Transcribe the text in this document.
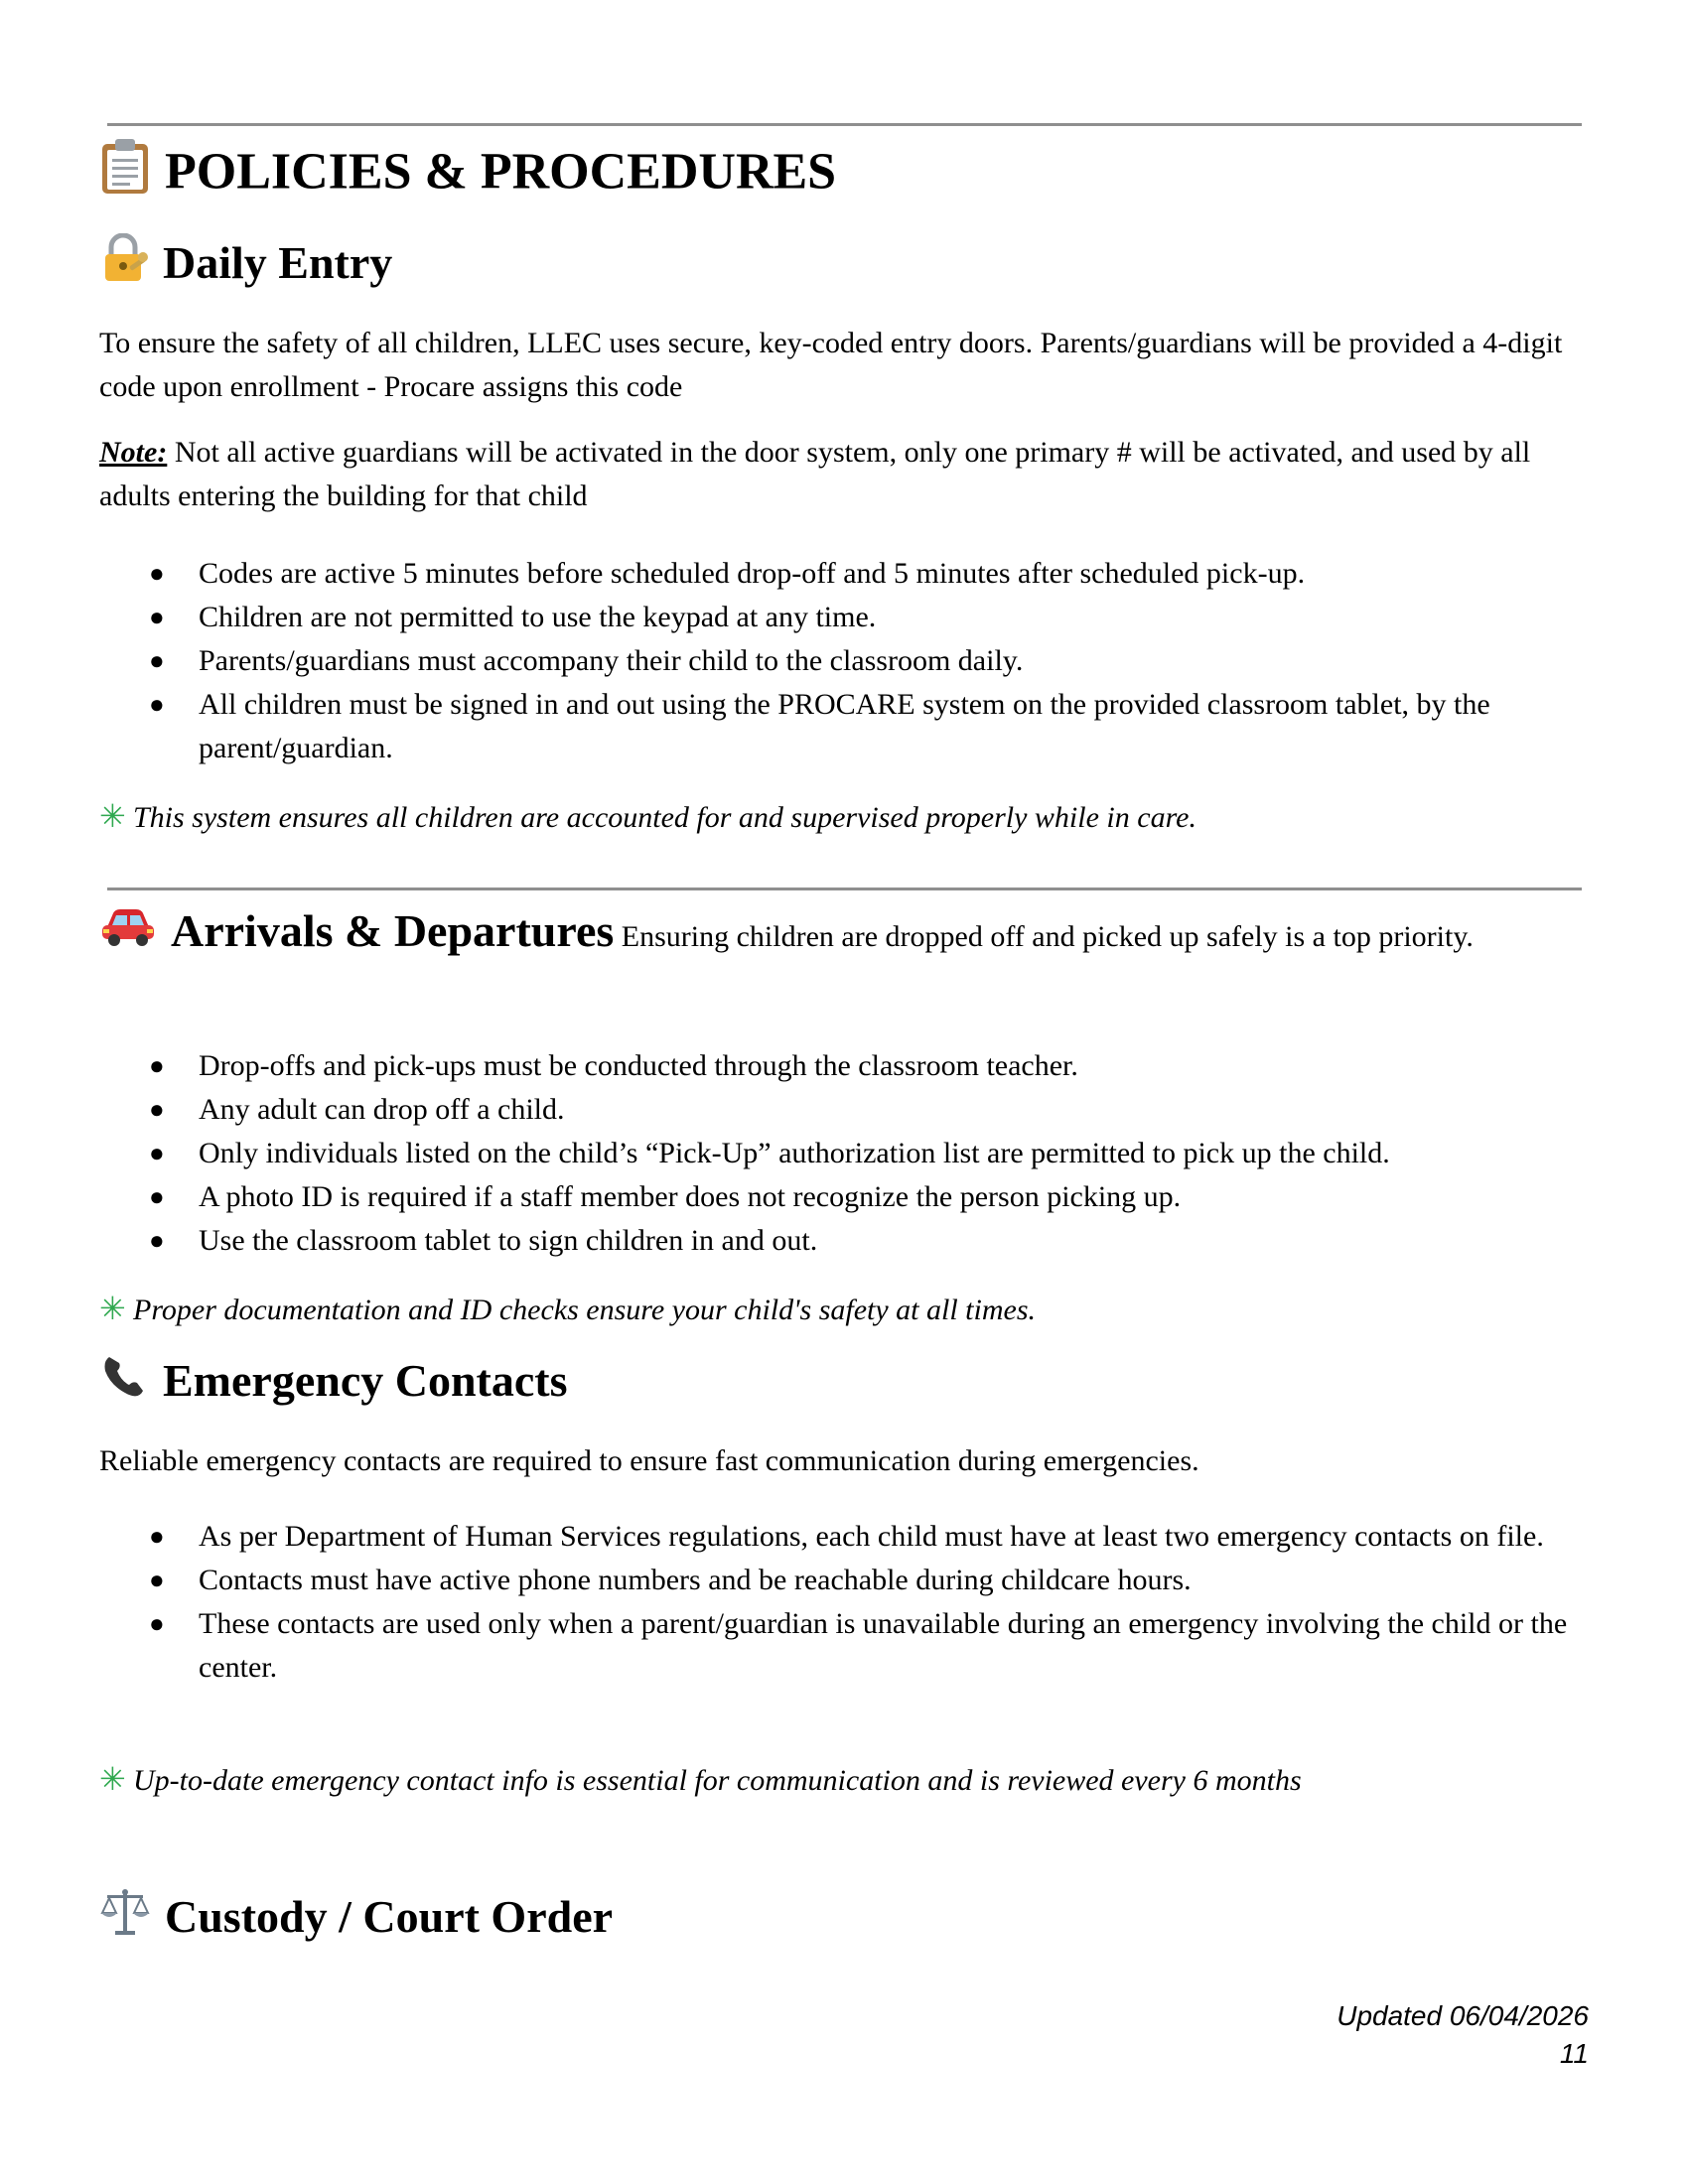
POLICIES & PROCEDURES
Daily Entry
To ensure the safety of all children, LLEC uses secure, key-coded entry doors. Parents/guardians will be provided a 4-digit code upon enrollment - Procare assigns this code
Note: Not all active guardians will be activated in the door system, only one primary # will be activated, and used by all adults entering the building for that child
● Codes are active 5 minutes before scheduled drop-off and 5 minutes after scheduled pick-up.
● Children are not permitted to use the keypad at any time.
● Parents/guardians must accompany their child to the classroom daily.
● All children must be signed in and out using the PROCARE system on the provided classroom tablet, by the parent/guardian.
✳ This system ensures all children are accounted for and supervised properly while in care.
Arrivals & Departures Ensuring children are dropped off and picked up safely is a top priority.
● Drop-offs and pick-ups must be conducted through the classroom teacher.
● Any adult can drop off a child.
● Only individuals listed on the child’s “Pick-Up” authorization list are permitted to pick up the child.
● A photo ID is required if a staff member does not recognize the person picking up.
● Use the classroom tablet to sign children in and out.
✳ Proper documentation and ID checks ensure your child's safety at all times.
Emergency Contacts
Reliable emergency contacts are required to ensure fast communication during emergencies.
● As per Department of Human Services regulations, each child must have at least two emergency contacts on file.
● Contacts must have active phone numbers and be reachable during childcare hours.
● These contacts are used only when a parent/guardian is unavailable during an emergency involving the child or the center.
✳ Up-to-date emergency contact info is essential for communication and is reviewed every 6 months
Custody / Court Order
Updated 06/04/2026
11
